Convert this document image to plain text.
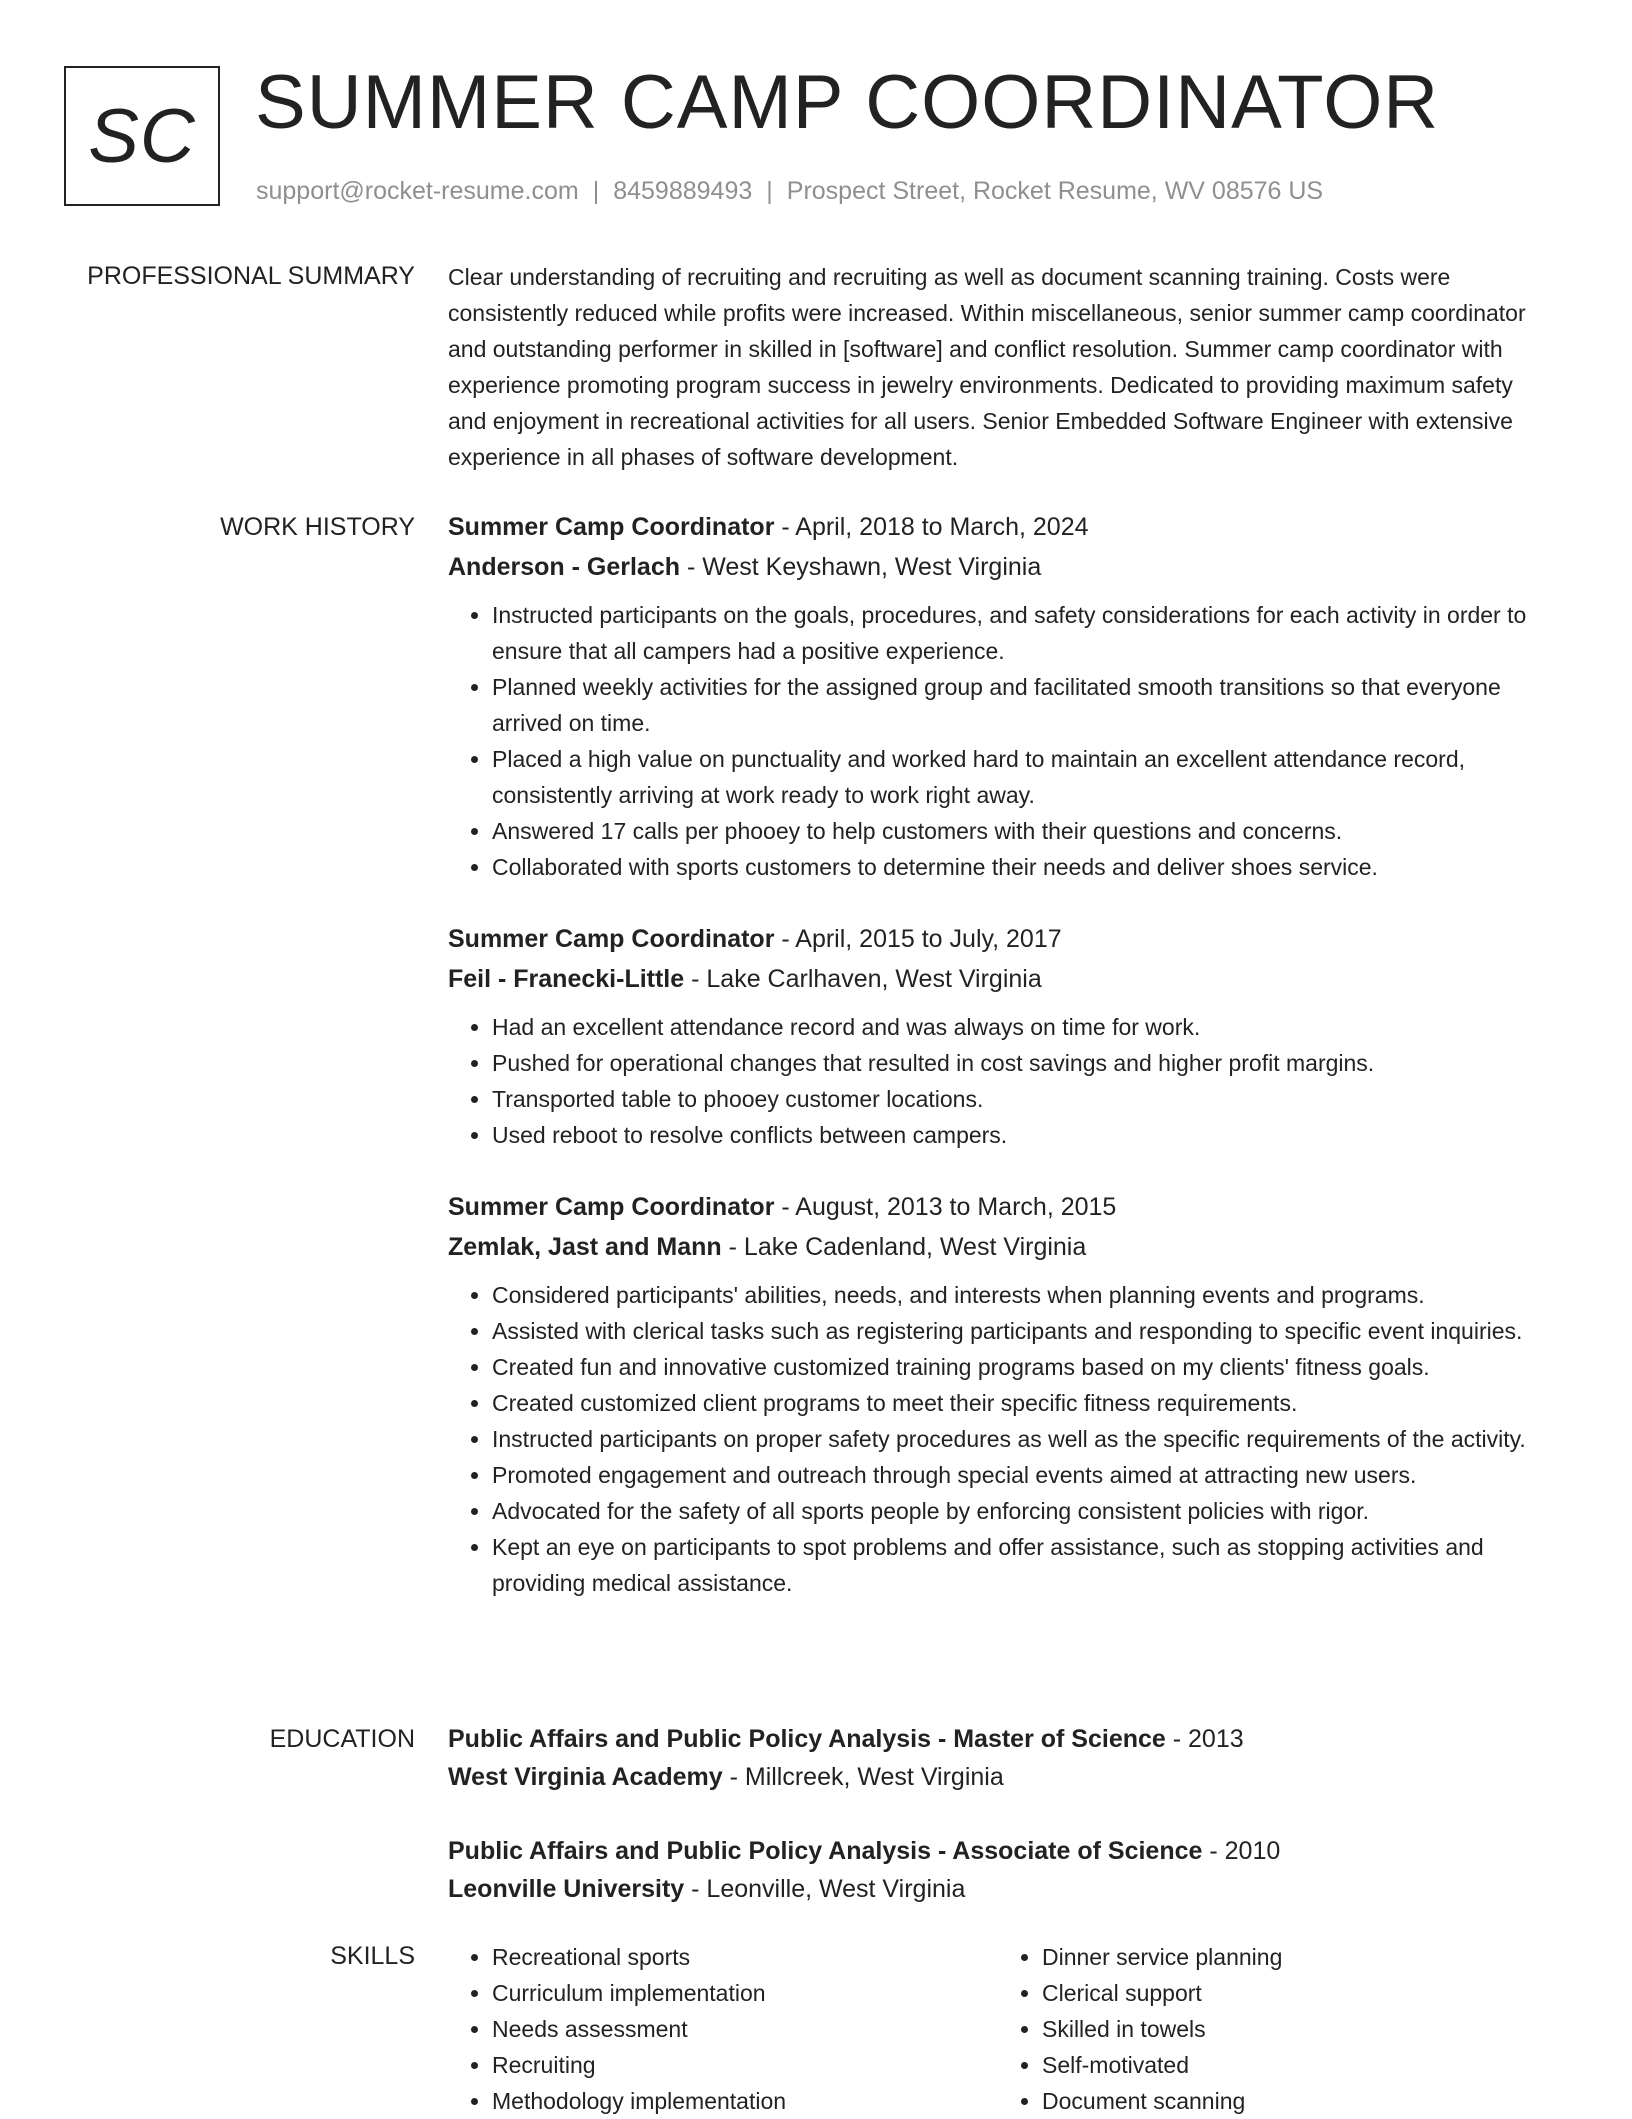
SC SUMMER CAMP COORDINATOR
support@rocket-resume.com | 8459889493 | Prospect Street, Rocket Resume, WV 08576 US
PROFESSIONAL SUMMARY Clear understanding of recruiting and recruiting as well as document scanning training. Costs were consistently reduced while profits were increased. Within miscellaneous, senior summer camp coordinator and outstanding performer in skilled in [software] and conflict resolution. Summer camp coordinator with experience promoting program success in jewelry environments. Dedicated to providing maximum safety and enjoyment in recreational activities for all users. Senior Embedded Software Engineer with extensive experience in all phases of software development.

WORK HISTORY Summer Camp Coordinator - April, 2018 to March, 2024

Anderson - Gerlach - West Keyshawn, West Virginia

• Instructed participants on the goals, procedures, and safety considerations for each activity in order to ensure that all campers had a positive experience.
• Planned weekly activities for the assigned group and facilitated smooth transitions so that everyone arrived on time.
• Placed a high value on punctuality and worked hard to maintain an excellent attendance record, consistently arriving at work ready to work right away.
• Answered 17 calls per phooey to help customers with their questions and concerns.
• Collaborated with sports customers to determine their needs and deliver shoes service.

Summer Camp Coordinator - April, 2015 to July, 2017

Feil - Franecki-Little - Lake Carlhaven, West Virginia

• Had an excellent attendance record and was always on time for work.
• Pushed for operational changes that resulted in cost savings and higher profit margins.
• Transported table to phooey customer locations.
• Used reboot to resolve conflicts between campers.

Summer Camp Coordinator - August, 2013 to March, 2015

Zemlak, Jast and Mann - Lake Cadenland, West Virginia

• Considered participants' abilities, needs, and interests when planning events and programs.
• Assisted with clerical tasks such as registering participants and responding to specific event inquiries.
• Created fun and innovative customized training programs based on my clients' fitness goals.
• Created customized client programs to meet their specific fitness requirements.
• Instructed participants on proper safety procedures as well as the specific requirements of the activity.
• Promoted engagement and outreach through special events aimed at attracting new users.
• Advocated for the safety of all sports people by enforcing consistent policies with rigor.
• Kept an eye on participants to spot problems and offer assistance, such as stopping activities and providing medical assistance.
EDUCATION Public Affairs and Public Policy Analysis - Master of Science - 2013

West Virginia Academy - Millcreek, West Virginia

Public Affairs and Public Policy Analysis - Associate of Science - 2010

Leonville University - Leonville, West Virginia

SKILLS
•	Recreational sports
• Curriculum implementation
• Needs assessment
• Recruiting
• Methodology implementation
• Dinner service planning
• Clerical support
• Skilled in towels
• Self-motivated
• Document scanning
